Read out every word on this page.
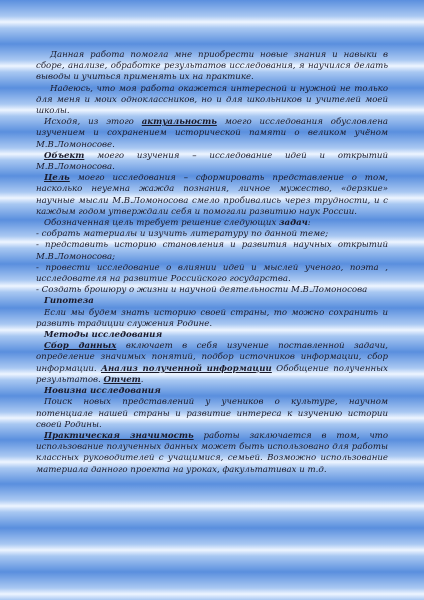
Данная работа помогла мне приобрести новые знания и навыки в сборе, анализе, обработке результатов исследования, я научился делать выводы и учиться применять их на практике.

Надеюсь, что моя работа окажется интересной и нужной не только для меня и моих одноклассников, но и для школьников и учителей моей школы.

Исходя, из этого актуальность моего исследования обусловлена изучением и сохранением исторической памяти о великом учёном М.В.Ломоносове.

Объект моего изучения – исследование идей и открытий М.В.Ломоносова.

Цель моего исследования – сформировать представление о том, насколько неуемна жажда познания, личное мужество, «дерзкие» научные мысли М.В.Ломоносова смело пробивались через трудности, и с каждым годом утверждали себя и помогали развитию наук России.

Обозначенная цель требует решение следующих задач:

- собрать материалы и изучить литературу по данной теме;

- представить историю становления и развития научных открытий М.В.Ломоносова;

- провести исследование о влиянии идей и мыслей ученого, поэта , исследователя на развитие Российского государства.

- Создать брошюру о жизни и научной деятельности М.В.Ломоносова

Гипотеза

Если мы будем знать историю своей страны, то можно сохранить и развить традиции служения Родине.

Методы исследования

Сбор данных включает в себя изучение поставленной задачи, определение значимых понятий, подбор источников информации, сбор информации. Анализ полученной информации Обобщение полученных результатов. Отчет.

Новизна исследования

Поиск новых представлений у учеников о культуре, научном потенциале нашей страны и развитие интереса к изучению истории своей Родины.

Практическая значимость работы заключается в том, что использование полученных данных может быть использовано для работы классных руководителей с учащимися, семьей. Возможно использование материала данного проекта на уроках, факультативах и т.д.
